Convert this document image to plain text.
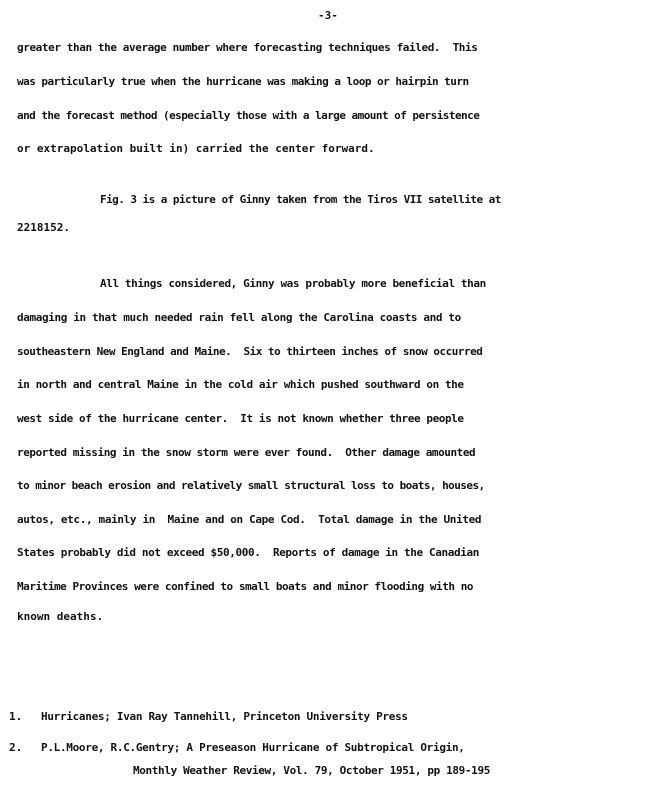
-3-
greater than the average number where forecasting techniques failed.  This
was particularly true when the hurricane was making a loop or hairpin turn
and the forecast method (especially those with a large amount of persistence
or extrapolation built in) carried the center forward.
Fig. 3 is a picture of Ginny taken from the Tiros VII satellite at
2218152.
All things considered, Ginny was probably more beneficial than
damaging in that much needed rain fell along the Carolina coasts and to
southeastern New England and Maine.  Six to thirteen inches of snow occurred
in north and central Maine in the cold air which pushed southward on the
west side of the hurricane center.  It is not known whether three people
reported missing in the snow storm were ever found.  Other damage amounted
to minor beach erosion and relatively small structural loss to boats, houses,
autos, etc., mainly in  Maine and on Cape Cod.  Total damage in the United
States probably did not exceed $50,000.  Reports of damage in the Canadian
Maritime Provinces were confined to small boats and minor flooding with no
known deaths.
1. Hurricanes; Ivan Ray Tannehill, Princeton University Press
2. P.L.Moore, R.C.Gentry; A Preseason Hurricane of Subtropical Origin,
Monthly Weather Review, Vol. 79, October 1951, pp 189-195
